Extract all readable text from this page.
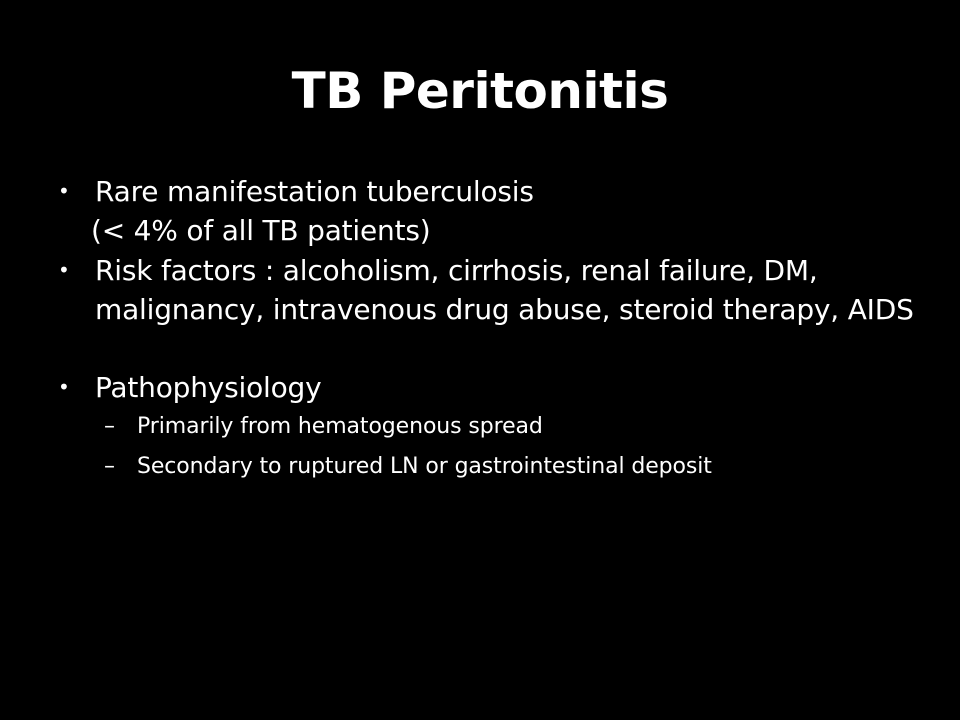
TB Peritonitis
• Rare manifestation tuberculosis
(< 4% of all TB patients)
• Risk factors : alcoholism, cirrhosis, renal failure, DM, malignancy, intravenous drug abuse, steroid therapy, AIDS
• Pathophysiology
–	Primarily from hematogenous spread
–	Secondary to ruptured LN or gastrointestinal deposit
